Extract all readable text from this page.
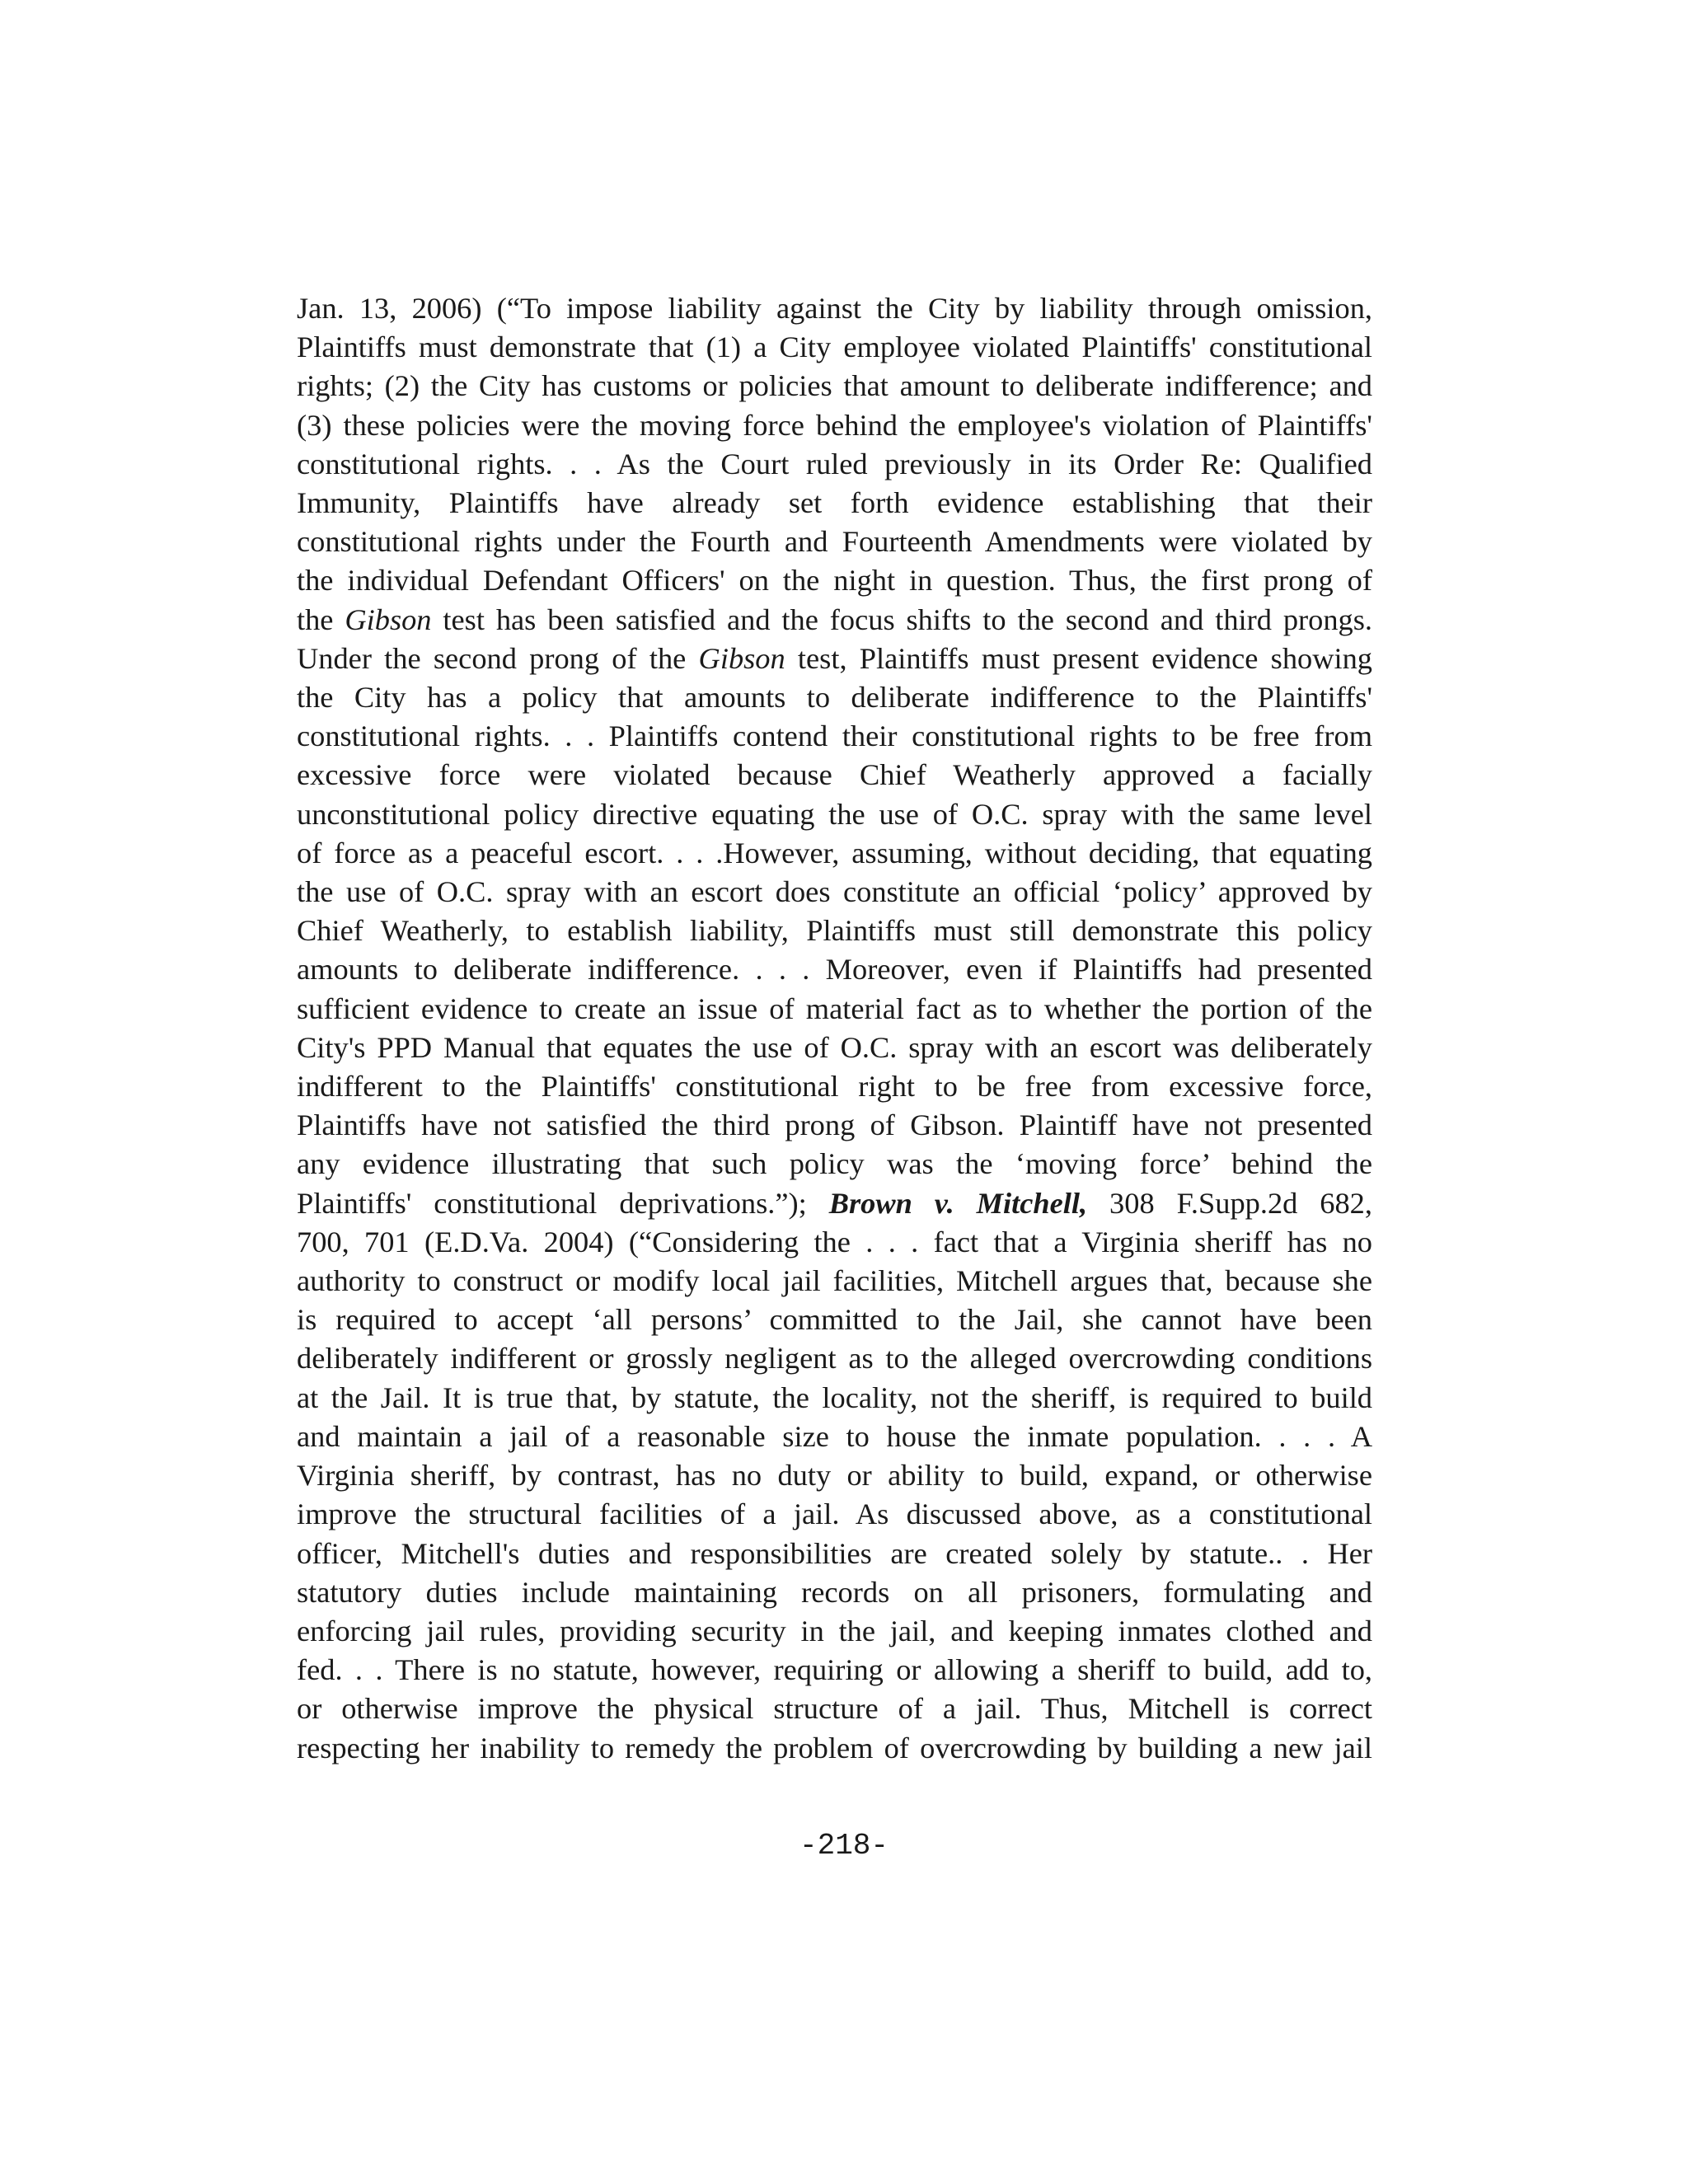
Jan. 13, 2006) (“To impose liability against the City by liability through omission,
Plaintiffs must demonstrate that (1) a City employee violated Plaintiffs' constitutional
rights; (2) the City has customs or policies that amount to deliberate indifference; and
(3) these policies were the moving force behind the employee's violation of Plaintiffs'
constitutional rights. . . As the Court ruled previously in its Order Re: Qualified
Immunity, Plaintiffs have already set forth evidence establishing that their
constitutional rights under the Fourth and Fourteenth Amendments were violated by
the individual Defendant Officers' on the night in question. Thus, the first prong of
the Gibson test has been satisfied and the focus shifts to the second and third prongs.
Under the second prong of the Gibson test, Plaintiffs must present evidence showing
the City has a policy that amounts to deliberate indifference to the Plaintiffs'
constitutional rights. . . Plaintiffs contend their constitutional rights to be free from
excessive force were violated because Chief Weatherly approved a facially
unconstitutional policy directive equating the use of O.C. spray with the same level
of force as a peaceful escort. . . .However, assuming, without deciding, that equating
the use of O.C. spray with an escort does constitute an official ‘policy’ approved by
Chief Weatherly, to establish liability, Plaintiffs must still demonstrate this policy
amounts to deliberate indifference. . . . Moreover, even if Plaintiffs had presented
sufficient evidence to create an issue of material fact as to whether the portion of the
City's PPD Manual that equates the use of O.C. spray with an escort was deliberately
indifferent to the Plaintiffs' constitutional right to be free from excessive force,
Plaintiffs have not satisfied the third prong of Gibson. Plaintiff have not presented
any evidence illustrating that such policy was the ‘moving force’ behind the
Plaintiffs' constitutional deprivations.”); Brown v. Mitchell, 308 F.Supp.2d 682,
700, 701 (E.D.Va. 2004) (“Considering the . . . fact that a Virginia sheriff has no
authority to construct or modify local jail facilities, Mitchell argues that, because she
is required to accept ‘all persons’ committed to the Jail, she cannot have been
deliberately indifferent or grossly negligent as to the alleged overcrowding conditions
at the Jail. It is true that, by statute, the locality, not the sheriff, is required to build
and maintain a jail of a reasonable size to house the inmate population. . . . A
Virginia sheriff, by contrast, has no duty or ability to build, expand, or otherwise
improve the structural facilities of a jail. As discussed above, as a constitutional
officer, Mitchell's duties and responsibilities are created solely by statute.. . Her
statutory duties include maintaining records on all prisoners, formulating and
enforcing jail rules, providing security in the jail, and keeping inmates clothed and
fed. . . There is no statute, however, requiring or allowing a sheriff to build, add to,
or otherwise improve the physical structure of a jail. Thus, Mitchell is correct
respecting her inability to remedy the problem of overcrowding by building a new jail
-218-
